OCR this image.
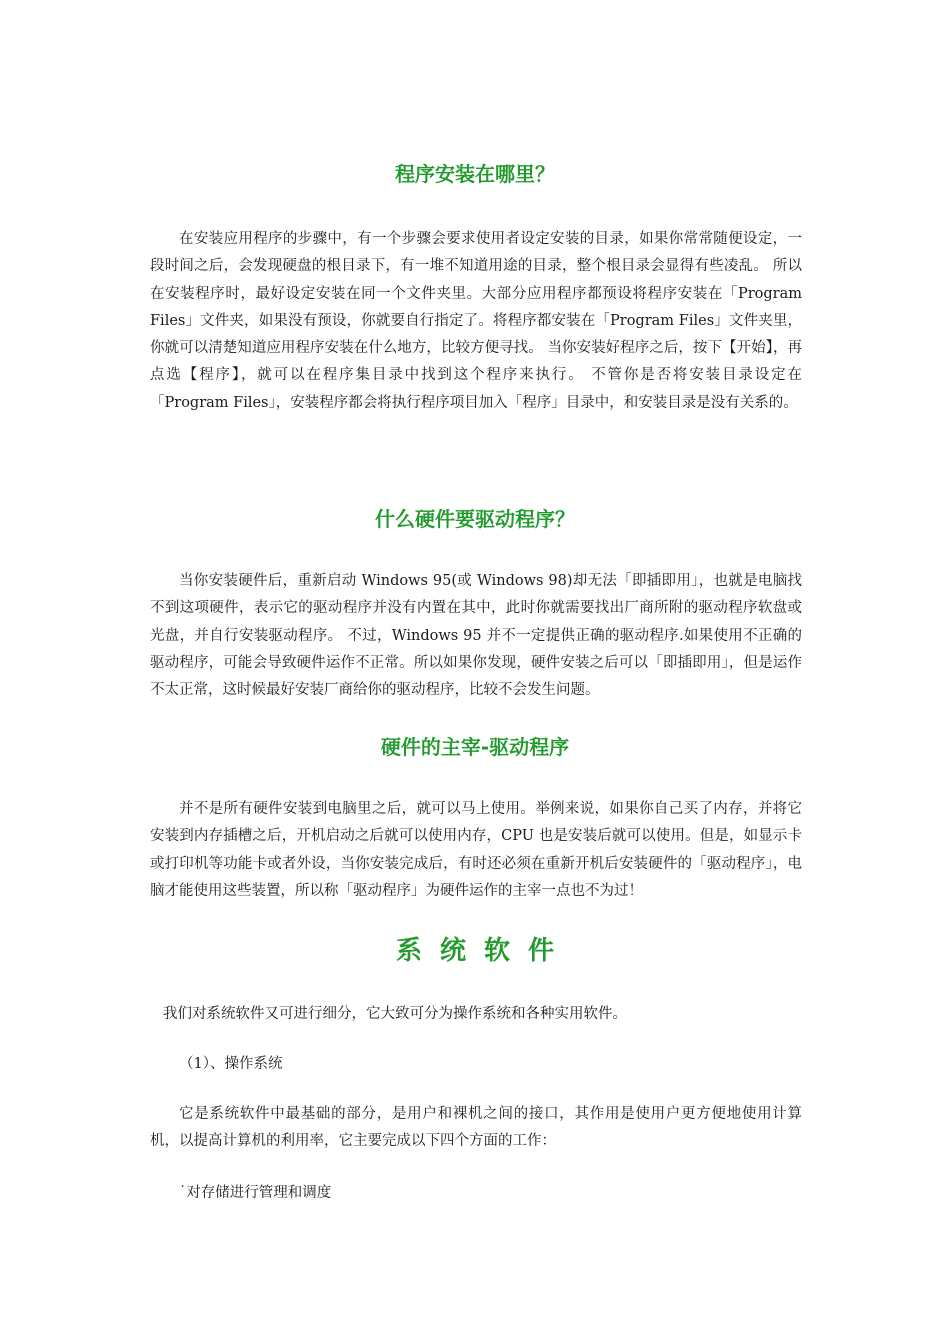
程序安装在哪里？

在安装应用程序的步骤中，有一个步骤会要求使用者设定安装的目录，如果你常常随便设定，一段时间之后，会发现硬盘的根目录下，有一堆不知道用途的目录，整个根目录会显得有些凌乱。 所以在安装程序时，最好设定安装在同一个文件夹里。大部分应用程序都预设将程序安装在「Program Files」文件夹，如果没有预设，你就要自行指定了。将程序都安装在「Program Files」文件夹里，你就可以清楚知道应用程序安装在什么地方，比较方便寻找。 当你安装好程序之后，按下【开始】，再点选【程序】，就可以在程序集目录中找到这个程序来执行。 不管你是否将安装目录设定在「Program Files」，安装程序都会将执行程序项目加入「程序」目录中，和安装目录是没有关系的。

什么硬件要驱动程序？

当你安装硬件后，重新启动 Windows 95(或 Windows 98)却无法「即插即用」，也就是电脑找不到这项硬件，表示它的驱动程序并没有内置在其中，此时你就需要找出厂商所附的驱动程序软盘或光盘，并自行安装驱动程序。 不过，Windows 95 并不一定提供正确的驱动程序.如果使用不正确的驱动程序，可能会导致硬件运作不正常。所以如果你发现，硬件安装之后可以「即插即用」，但是运作不太正常，这时候最好安装厂商给你的驱动程序，比较不会发生问题。

硬件的主宰-驱动程序

并不是所有硬件安装到电脑里之后，就可以马上使用。举例来说，如果你自己买了内存，并将它安装到内存插槽之后，开机启动之后就可以使用内存，CPU 也是安装后就可以使用。但是，如显示卡或打印机等功能卡或者外设，当你安装完成后，有时还必须在重新开机后安装硬件的「驱动程序」，电脑才能使用这些装置，所以称「驱动程序」为硬件运作的主宰一点也不为过！

系统软件

我们对系统软件又可进行细分，它大致可分为操作系统和各种实用软件。

（1）、操作系统

它是系统软件中最基础的部分，是用户和裸机之间的接口，其作用是使用户更方便地使用计算机，以提高计算机的利用率，它主要完成以下四个方面的工作：

˙对存储进行管理和调度
